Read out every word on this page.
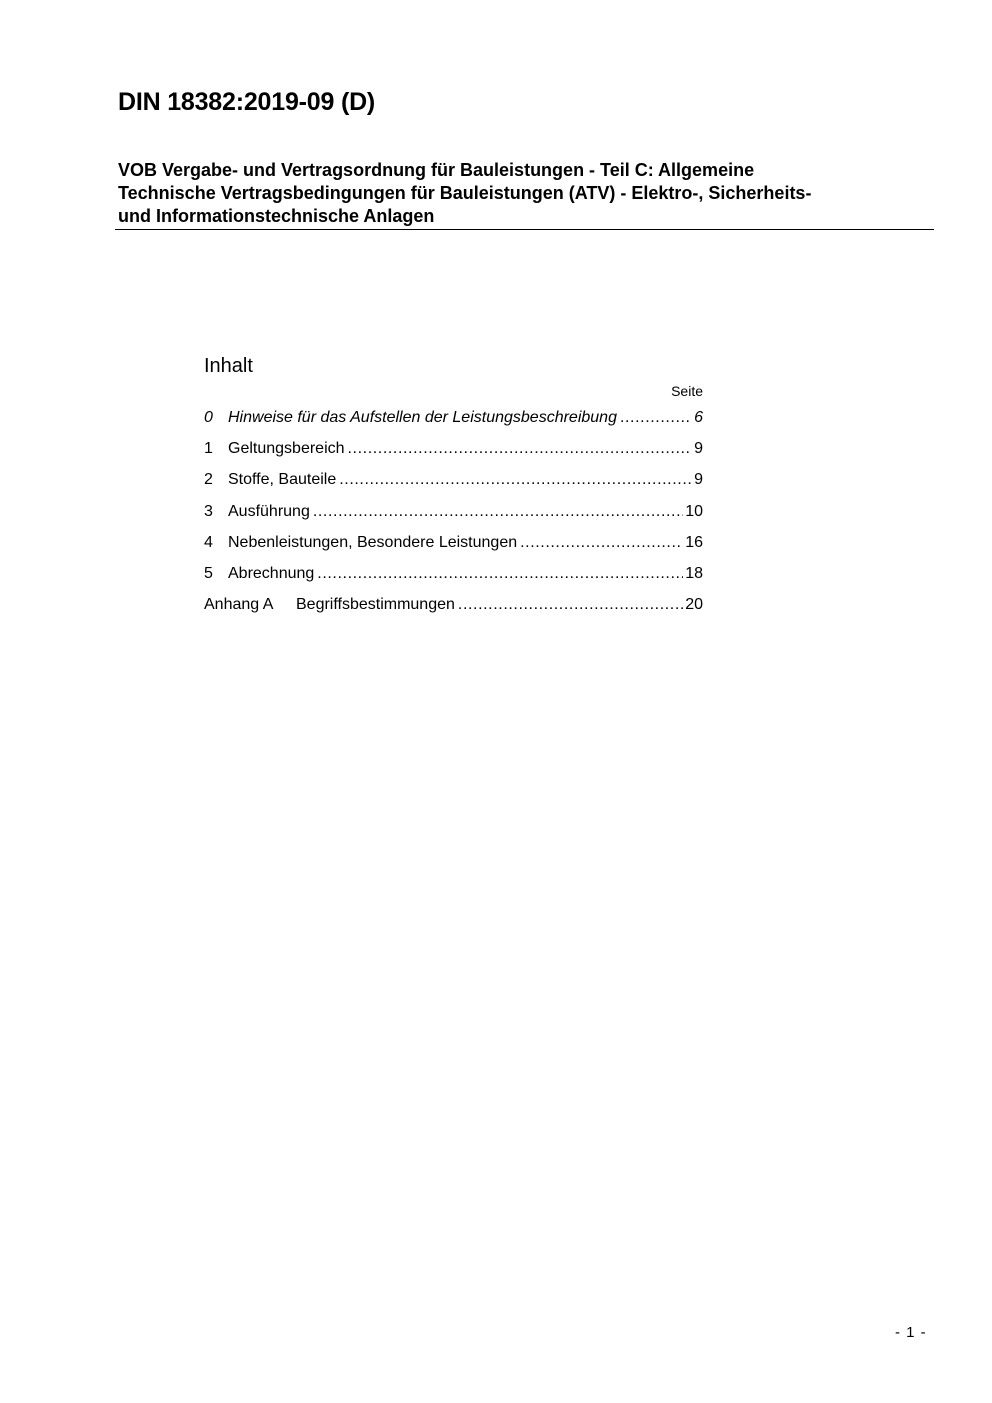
DIN 18382:2019-09 (D)
VOB Vergabe- und Vertragsordnung für Bauleistungen - Teil C: Allgemeine
Technische Vertragsbedingungen für Bauleistungen (ATV) - Elektro-, Sicherheits-
und Informationstechnische Anlagen
Inhalt
Seite
0 Hinweise für das Aufstellen der Leistungsbeschreibung .....	6
1 Geltungsbereich .....	9
2 Stoffe, Bauteile .....	9
3 Ausführung .....	10
4 Nebenleistungen, Besondere Leistungen .....	16
5 Abrechnung .....	18
Anhang A	Begriffsbestimmungen .....	20
- 1 -
